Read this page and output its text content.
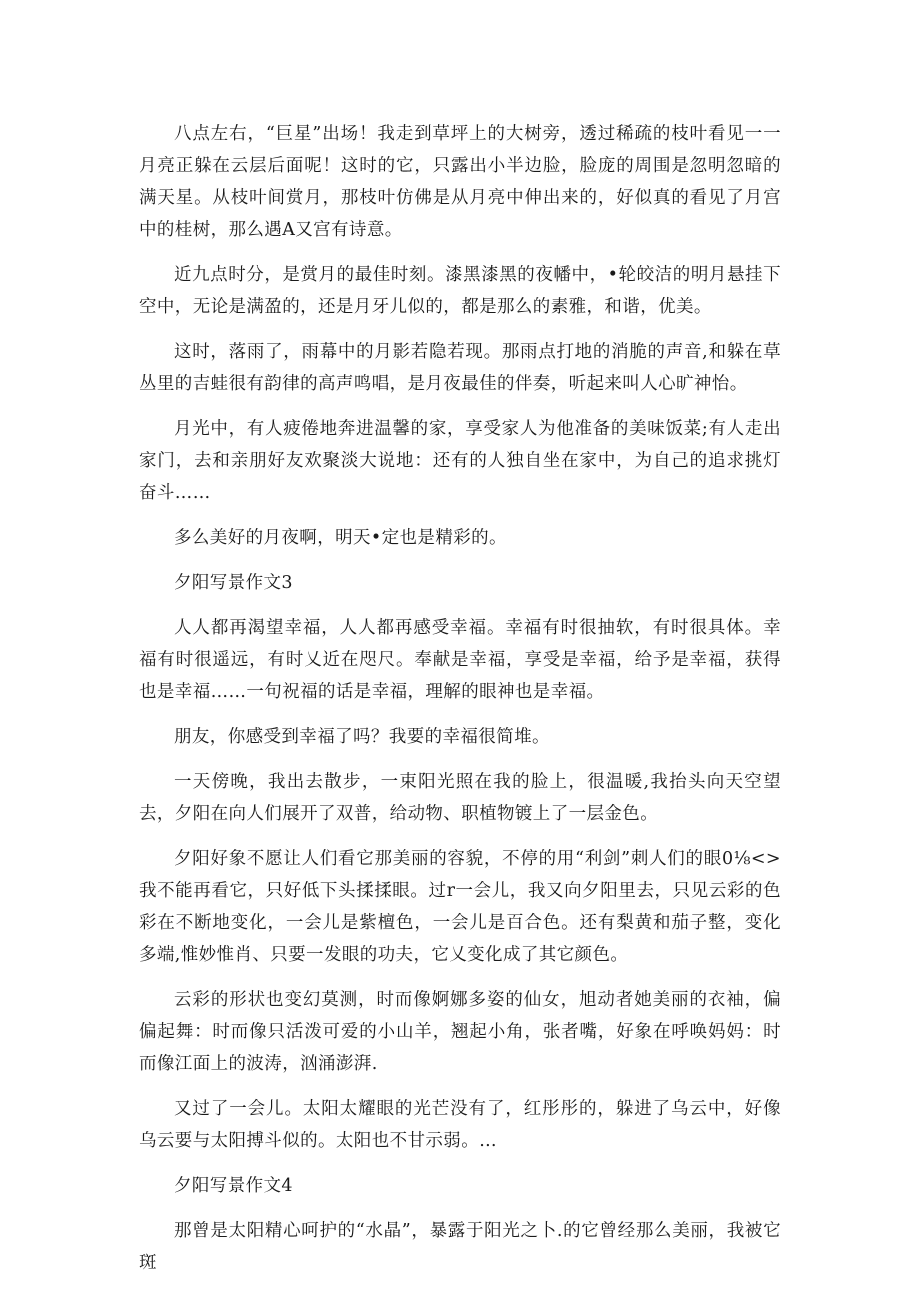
八点左右，“巨星”出场！我走到草坪上的大树旁，透过稀疏的枝叶看见一一月亮正躲在云层后面呢！这时的它，只露出小半边脸，脸庞的周围是忽明忽暗的满天星。从枝叶间赏月，那枝叶仿佛是从月亮中伸出来的，好似真的看见了月宫中的桂树，那么遇A又宫有诗意。

近九点时分，是赏月的最佳时刻。漆黑漆黑的夜幡中，•轮皎洁的明月悬挂下空中，无论是满盈的，还是月牙儿似的，都是那么的素雅，和谐，优美。

这时，落雨了，雨幕中的月影若隐若现。那雨点打地的消脆的声音,和躲在草丛里的吉蛙很有韵律的高声鸣唱，是月夜最佳的伴奏，听起来叫人心旷神怡。

月光中，有人疲倦地奔进温馨的家，享受家人为他准备的美味饭菜;有人走出家门，去和亲朋好友欢聚淡大说地：还有的人独自坐在家中，为自己的追求挑灯奋斗……

多么美好的月夜啊，明天•定也是精彩的。

夕阳写景作文3

人人都再渴望幸福，人人都再感受幸福。幸福有时很抽软，有时很具体。幸福有时很遥远，有时乂近在咫尺。奉献是幸福，享受是幸福，给予是幸福，获得也是幸福……一句祝福的话是幸福，理解的眼神也是幸福。

朋友，你感受到幸福了吗？我要的幸福很简堆。

一天傍晚，我出去散步，一束阳光照在我的脸上，很温暖,我抬头向天空望去，夕阳在向人们展开了双普，给动物、职植物镀上了一层金色。

夕阳好象不愿让人们看它那美丽的容貌，不停的用“利剑”刺人们的眼0⅛<>我不能再看它，只好低下头揉揉眼。过r一会儿，我又向夕阳里去，只见云彩的色彩在不断地变化，一会儿是紫檀色，一会儿是百合色。还有梨黄和茄子整，变化多端,惟妙惟肖、只要一发眼的功夫，它乂变化成了其它颜色。

云彩的形状也变幻莫测，时而像婀娜多姿的仙女，旭动者她美丽的衣袖，偏偏起舞：时而像只活泼可爱的小山羊，翘起小角，张者嘴，好象在呼唤妈妈：时而像江面上的波涛，汹涌澎湃.

又过了一会儿。太阳太耀眼的光芒没有了，红彤彤的，躲进了乌云中，好像乌云要与太阳搏斗似的。太阳也不甘示弱。…

夕阳写景作文4

那曾是太阳精心呵护的“水晶”，暴露于阳光之卜.的它曾经那么美丽，我被它斑
